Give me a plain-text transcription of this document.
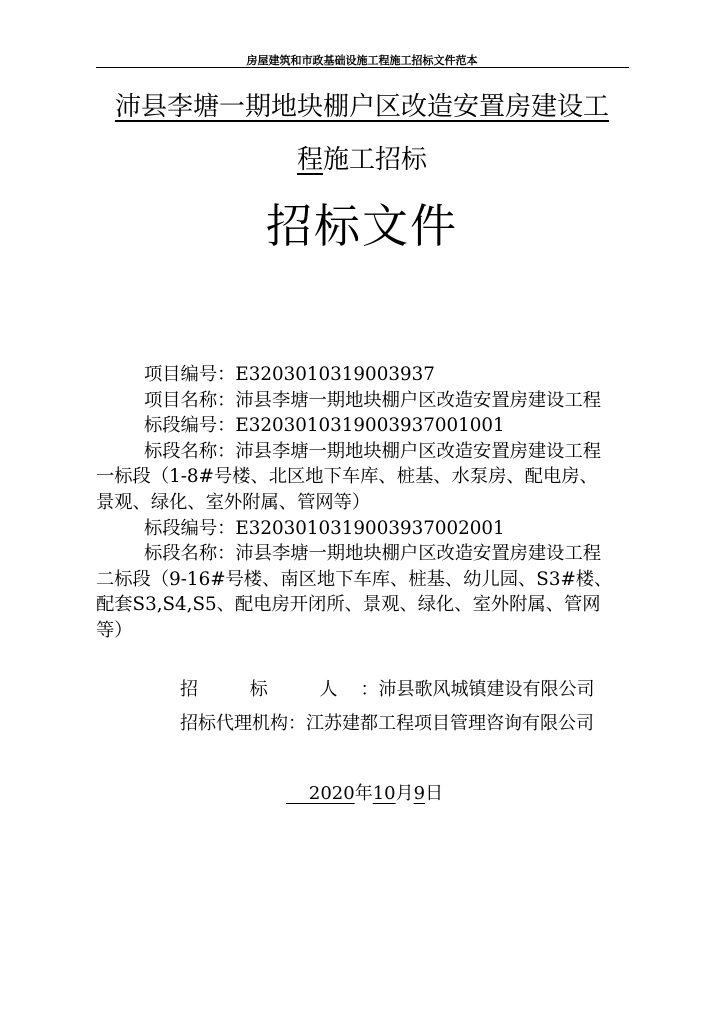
房屋建筑和市政基础设施工程施工招标文件范本
沛县李塘一期地块棚户区改造安置房建设工
程施工招标
招标文件

项目编号：E3203010319003937

项目名称：沛县李塘一期地块棚户区改造安置房建设工程

标段编号：E3203010319003937001001

标段名称：沛县李塘一期地块棚户区改造安置房建设工程

一标段（1-8#号楼、北区地下车库、桩基、水泵房、配电房、

景观、绿化、室外附属、管网等）

标段编号：E3203010319003937002001

标段名称：沛县李塘一期地块棚户区改造安置房建设工程

二标段（9-16#号楼、南区地下车库、桩基、幼儿园、S3#楼、

配套S3,S4,S5、配电房开闭所、景观、绿化、室外附属、管网

等）

招 标 人：沛县歌风城镇建设有限公司
招标代理机构：江苏建都工程项目管理咨询有限公司
2020年10月9日
